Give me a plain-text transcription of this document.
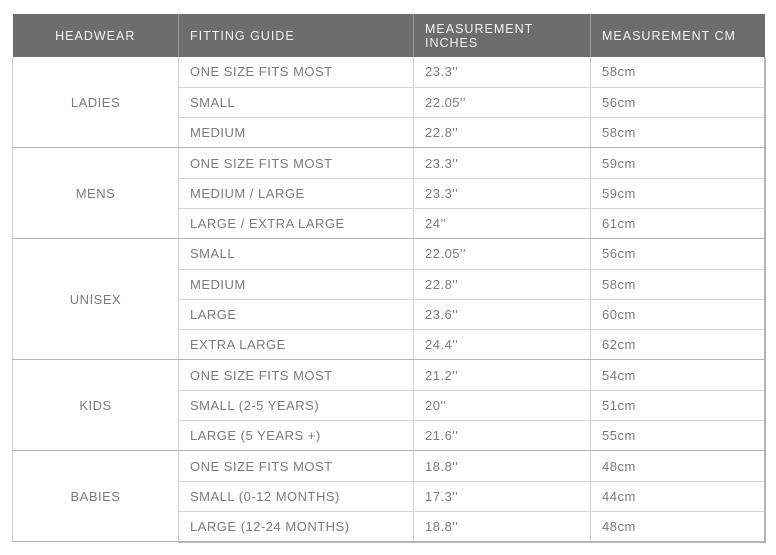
HEADWEAR	FITTING GUIDE	MEASUREMENT INCHES	MEASUREMENT CM
LADIES	ONE SIZE FITS MOST	23.3''	58cm
	SMALL	22.05''	56cm
	MEDIUM	22.8''	58cm
MENS	ONE SIZE FITS MOST	23.3''	59cm
	MEDIUM / LARGE	23.3''	59cm
	LARGE / EXTRA LARGE	24''	61cm
UNISEX	SMALL	22.05''	56cm
	MEDIUM	22.8''	58cm
	LARGE	23.6''	60cm
	EXTRA LARGE	24.4''	62cm
KIDS	ONE SIZE FITS MOST	21.2''	54cm
	SMALL (2-5 YEARS)	20''	51cm
	LARGE (5 YEARS +)	21.6''	55cm
BABIES	ONE SIZE FITS MOST	18.8''	48cm
	SMALL (0-12 MONTHS)	17.3''	44cm
	LARGE (12-24 MONTHS)	18.8''	48cm
